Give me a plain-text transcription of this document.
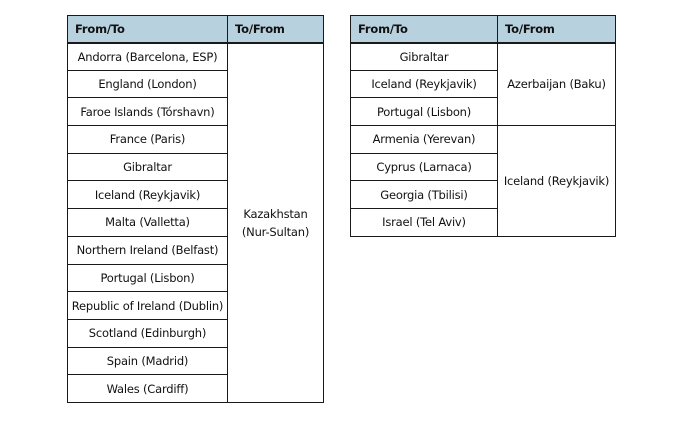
From/To	To/From
Andorra (Barcelona, ESP)	Kazakhstan
(Nur-Sultan)
England (London)	
Faroe Islands (Tórshavn)	
France (Paris)	
Gibraltar	
Iceland (Reykjavik)	
Malta (Valletta)	
Northern Ireland (Belfast)	
Portugal (Lisbon)	
Republic of Ireland (Dublin)	
Scotland (Edinburgh)	
Spain (Madrid)	
Wales (Cardiff)	
From/To	To/From
Gibraltar	Azerbaijan (Baku)
Iceland (Reykjavik)	
Portugal (Lisbon)	
Armenia (Yerevan)	Iceland (Reykjavik)
Cyprus (Larnaca)	
Georgia (Tbilisi)	
Israel (Tel Aviv)	
